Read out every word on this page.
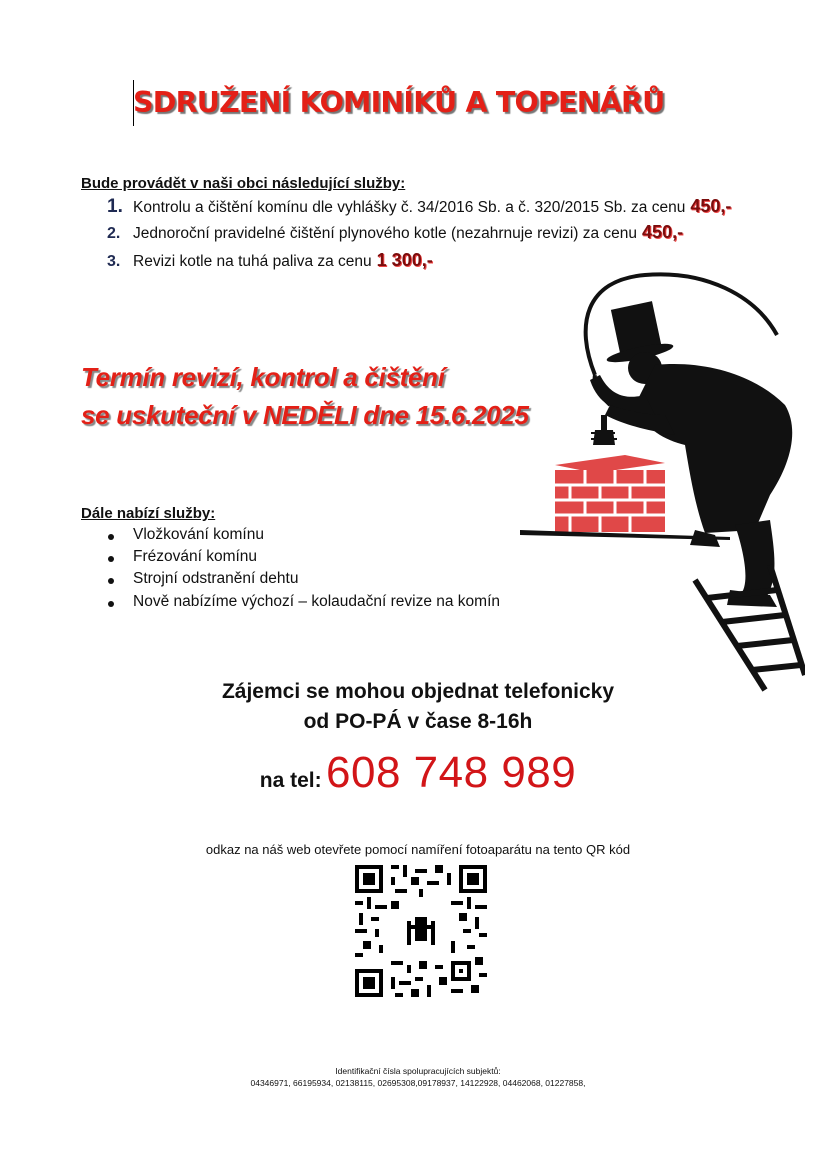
SDRUŽENÍ KOMINÍKŮ A TOPENÁŘŮ
Bude provádět v naši obci následující služby:
1. Kontrolu a čištění komínu dle vyhlášky č. 34/2016 Sb. a č. 320/2015 Sb. za cenu 450,-
2. Jednoroční pravidelné čištění plynového kotle (nezahrnuje revizi) za cenu 450,-
3. Revizi kotle na tuhá paliva za cenu 1 300,-
Termín revizí, kontrol a čištění
se uskuteční v NEDĚLI dne 15.6.2025
Dále nabízí služby:
Vložkování komínu
Frézování komínu
Strojní odstranění dehtu
Nově nabízíme výchozí – kolaudační revize na komín
Zájemci se mohou objednat telefonicky
od PO-PÁ v čase 8-16h
na tel: 608 748 989
odkaz na náš web otevřete pomocí namíření fotoaparátu na tento QR kód
Identifikační čísla spolupracujících subjektů:
04346971, 66195934, 02138115, 02695308,09178937, 14122928, 04462068, 01227858,
